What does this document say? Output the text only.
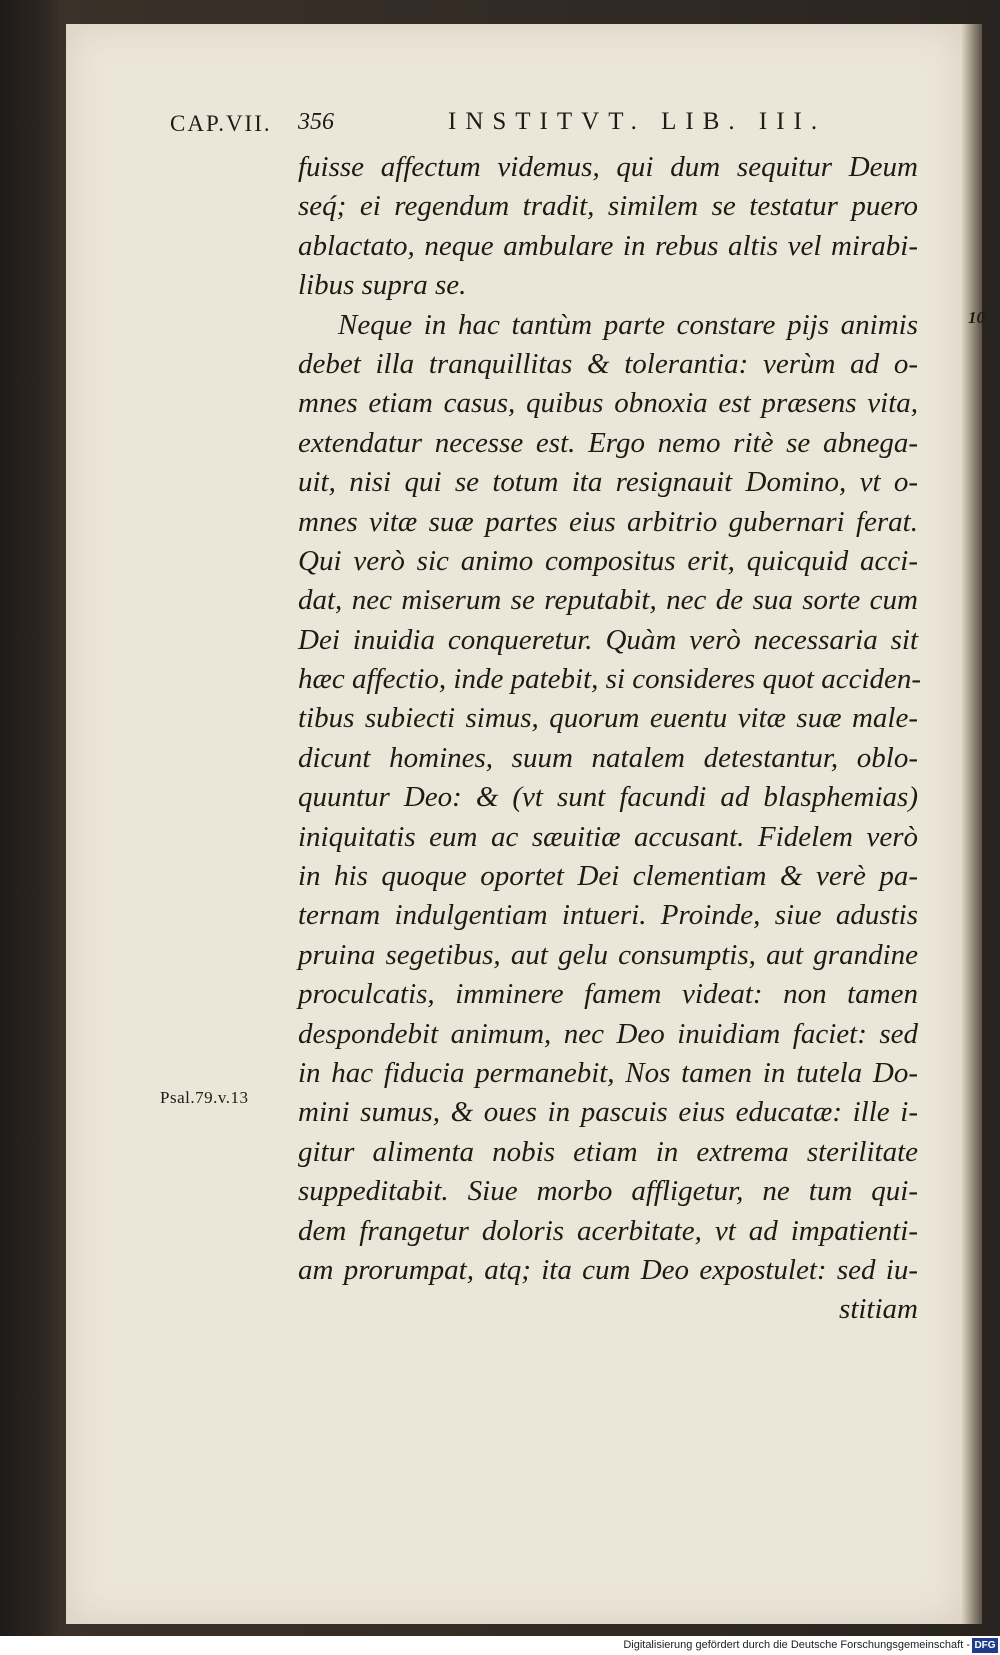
CAP.VII. 356	INSTITVT. LIB. III.
fuisse affectum videmus, qui dum sequitur Deum
seq́; ei regendum tradit, similem se testatur puero
ablactato, neque ambulare in rebus altis vel mirabi-
libus supra se.
Neque in hac tantùm parte constare pijs animis
debet illa tranquillitas & tolerantia: verùm ad o-
mnes etiam casus, quibus obnoxia est præsens vita,
extendatur necesse est. Ergo nemo ritè se abnega-
uit, nisi qui se totum ita resignauit Domino, vt o-
mnes vitæ suæ partes eius arbitrio gubernari ferat.
Qui verò sic animo compositus erit, quicquid acci-
dat, nec miserum se reputabit, nec de sua sorte cum
Dei inuidia conqueretur. Quàm verò necessaria sit
hæc affectio, inde patebit, si consideres quot acciden-
tibus subiecti simus, quorum euentu vitæ suæ male-
dicunt homines, suum natalem detestantur, oblo-
quuntur Deo: & (vt sunt facundi ad blasphemias)
iniquitatis eum ac sæuitiæ accusant. Fidelem verò
in his quoque oportet Dei clementiam & verè pa-
ternam indulgentiam intueri. Proinde, siue adustis
pruina segetibus, aut gelu consumptis, aut grandine
proculcatis, imminere famem videat: non tamen
despondebit animum, nec Deo inuidiam faciet: sed
in hac fiducia permanebit, Nos tamen in tutela Do-
mini sumus, & oues in pascuis eius educatæ: ille i-
gitur alimenta nobis etiam in extrema sterilitate
suppeditabit. Siue morbo affligetur, ne tum qui-
dem frangetur doloris acerbitate, vt ad impatienti-
am prorumpat, atq; ita cum Deo expostulet: sed iu-
stitiam
10
Psal.79.v.13
Digitalisierung gefördert durch die Deutsche Forschungsgemeinschaft - DFG
